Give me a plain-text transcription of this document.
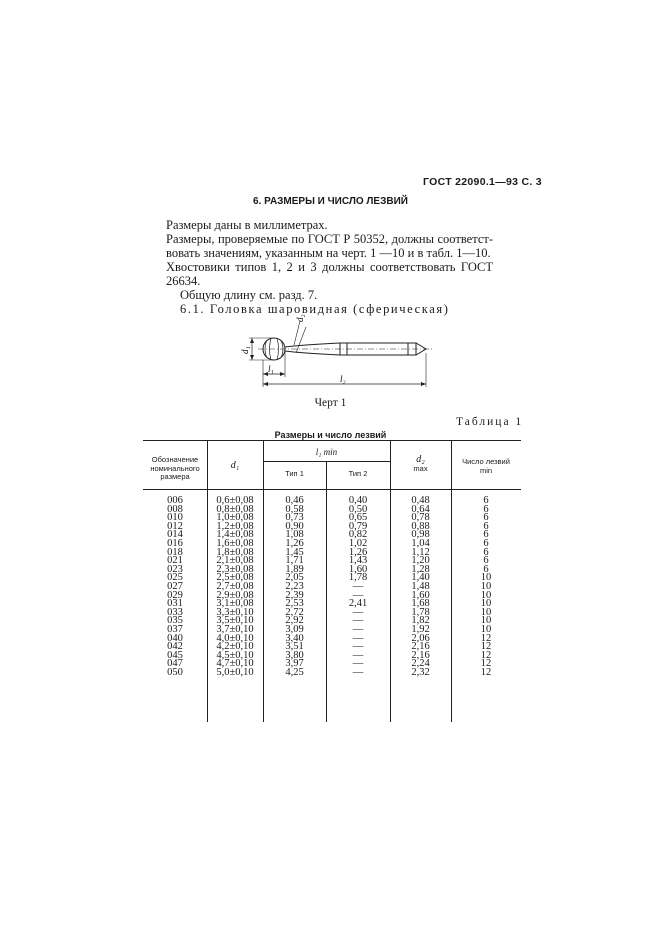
ГОСТ 22090.1—93 С. 3
6. РАЗМЕРЫ И ЧИСЛО ЛЕЗВИЙ
Размеры даны в миллиметрах.
Размеры, проверяемые по ГОСТ Р 50352, должны соответст-
вовать значениям, указанным на черт. 1 —10 и в табл. 1—10.
Хвостовики типов 1, 2 и 3 должны соответствовать ГОСТ
26634.
Общую длину см. разд. 7.
6.1. Головка шаровидная (сферическая)
d₁
d₂
l₁
l₂
Черт 1
Таблица 1
Размеры и число лезвий
Обозначение
номинального
размера
d₁
l₁ min
Тип 1	Тип 2
d₂
max
Число лезвий
min
006	0,6±0,08	0,46	0,40	0,48	6
008	0,8±0,08	0,58	0,50	0,64	6
010	1,0±0,08	0,73	0,65	0,78	6
012	1,2±0,08	0,90	0,79	0,88	6
014	1,4±0,08	1,08	0,82	0,98	6
016	1,6±0,08	1,26	1,02	1,04	6
018	1,8±0,08	1,45	1,26	1,12	6
021	2,1±0,08	1,71	1,43	1,20	6
023	2,3±0,08	1,89	1,60	1,28	6
025	2,5±0,08	2,05	1,78	1,40	10
027	2,7±0,08	2,23	—	1,48	10
029	2,9±0,08	2,39	—	1,60	10
031	3,1±0,08	2,53	2,41	1,68	10
033	3,3±0,10	2,72	—	1,78	10
035	3,5±0,10	2,92	—	1,82	10
037	3,7±0,10	3,09	—	1,92	10
040	4,0±0,10	3,40	—	2,06	12
042	4,2±0,10	3,51	—	2,16	12
045	4,5±0,10	3,80	—	2,16	12
047	4,7±0,10	3,97	—	2,24	12
050	5,0±0,10	4,25	—	2,32	12
